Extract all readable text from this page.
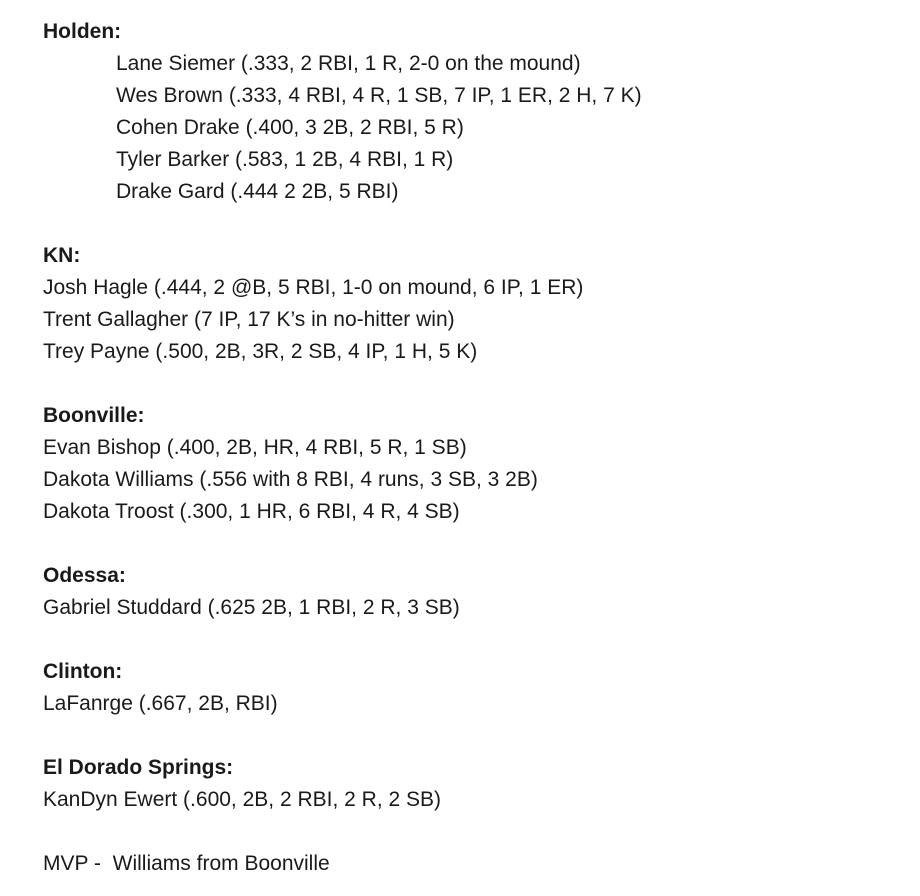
Holden:
Lane Siemer (.333, 2 RBI, 1 R, 2-0 on the mound)
Wes Brown (.333, 4 RBI, 4 R, 1 SB, 7 IP, 1 ER, 2 H, 7 K)
Cohen Drake (.400, 3 2B, 2 RBI, 5 R)
Tyler Barker (.583, 1 2B, 4 RBI, 1 R)
Drake Gard (.444 2 2B, 5 RBI)
KN:
Josh Hagle (.444, 2 @B, 5 RBI, 1-0 on mound, 6 IP, 1 ER)
Trent Gallagher (7 IP, 17 K’s in no-hitter win)
Trey Payne (.500, 2B, 3R, 2 SB, 4 IP, 1 H, 5 K)
Boonville:
Evan Bishop (.400, 2B, HR, 4 RBI, 5 R, 1 SB)
Dakota Williams (.556 with 8 RBI, 4 runs, 3 SB, 3 2B)
Dakota Troost (.300, 1 HR, 6 RBI, 4 R, 4 SB)
Odessa:
Gabriel Studdard (.625 2B, 1 RBI, 2 R, 3 SB)
Clinton:
LaFanrge (.667, 2B, RBI)
El Dorado Springs:
KanDyn Ewert (.600, 2B, 2 RBI, 2 R, 2 SB)
MVP -  Williams from Boonville
